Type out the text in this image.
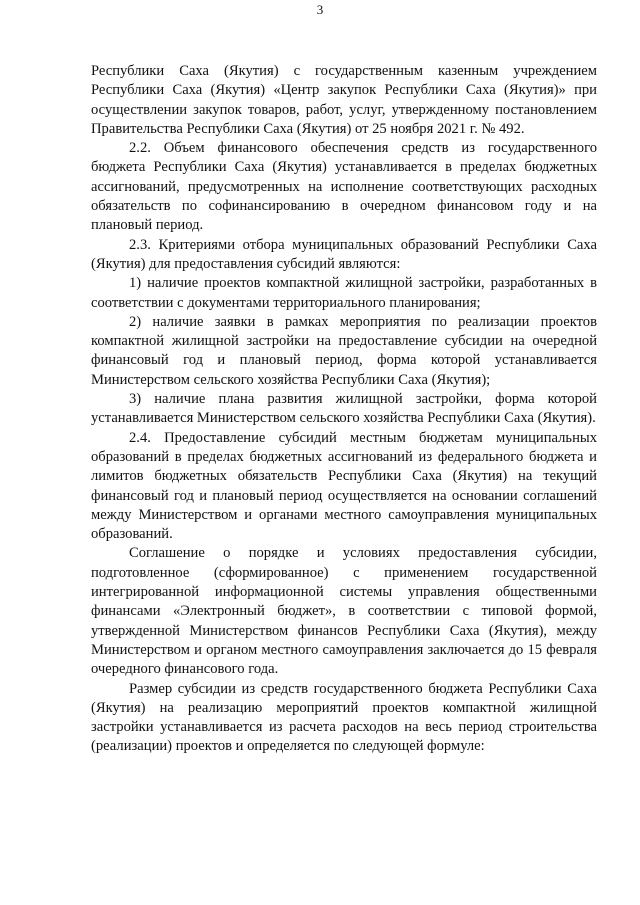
3

Республики Саха (Якутия) с государственным казенным учреждением Республики Саха (Якутия) «Центр закупок Республики Саха (Якутия)» при осуществлении закупок товаров, работ, услуг, утвержденному постановлением Правительства Республики Саха (Якутия) от 25 ноября 2021 г. № 492.

2.2. Объем финансового обеспечения средств из государственного бюджета Республики Саха (Якутия) устанавливается в пределах бюджетных ассигнований, предусмотренных на исполнение соответствующих расходных обязательств по софинансированию в очередном финансовом году и на плановый период.

2.3. Критериями отбора муниципальных образований Республики Саха (Якутия) для предоставления субсидий являются:

1) наличие проектов компактной жилищной застройки, разработанных в соответствии с документами территориального планирования;

2) наличие заявки в рамках мероприятия по реализации проектов компактной жилищной застройки на предоставление субсидии на очередной финансовый год и плановый период, форма которой устанавливается Министерством сельского хозяйства Республики Саха (Якутия);

3) наличие плана развития жилищной застройки, форма которой устанавливается Министерством сельского хозяйства Республики Саха (Якутия).

2.4. Предоставление субсидий местным бюджетам муниципальных образований в пределах бюджетных ассигнований из федерального бюджета и лимитов бюджетных обязательств Республики Саха (Якутия) на текущий финансовый год и плановый период осуществляется на основании соглашений между Министерством и органами местного самоуправления муниципальных образований.

Соглашение о порядке и условиях предоставления субсидии, подготовленное (сформированное) с применением государственной интегрированной информационной системы управления общественными финансами «Электронный бюджет», в соответствии с типовой формой, утвержденной Министерством финансов Республики Саха (Якутия), между Министерством и органом местного самоуправления заключается до 15 февраля очередного финансового года.

Размер субсидии из средств государственного бюджета Республики Саха (Якутия) на реализацию мероприятий проектов компактной жилищной застройки устанавливается из расчета расходов на весь период строительства (реализации) проектов и определяется по следующей формуле:
